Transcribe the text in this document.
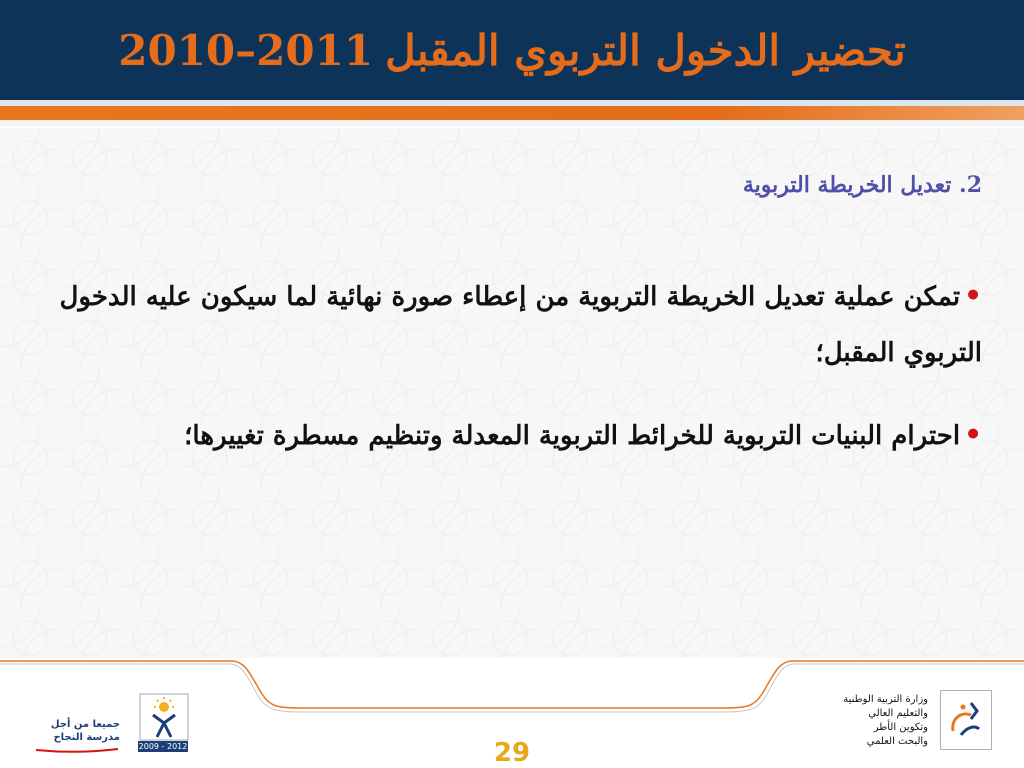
تحضير الدخول التربوي المقبل
2010–2011
2. تعديل الخريطة التربوية
•تمكن عملية تعديل الخريطة التربوية من إعطاء صورة نهائية لما سيكون عليه الدخول التربوي المقبل؛
•احترام البنيات التربوية للخرائط التربوية المعدلة وتنظيم مسطرة تغييرها؛
جميعا من أجل
مدرسة النجاح
2009 - 2012	29
وزارة التربية الوطنية
والتعليم العالي
وتكوين الأطر
والبحث العلمي
